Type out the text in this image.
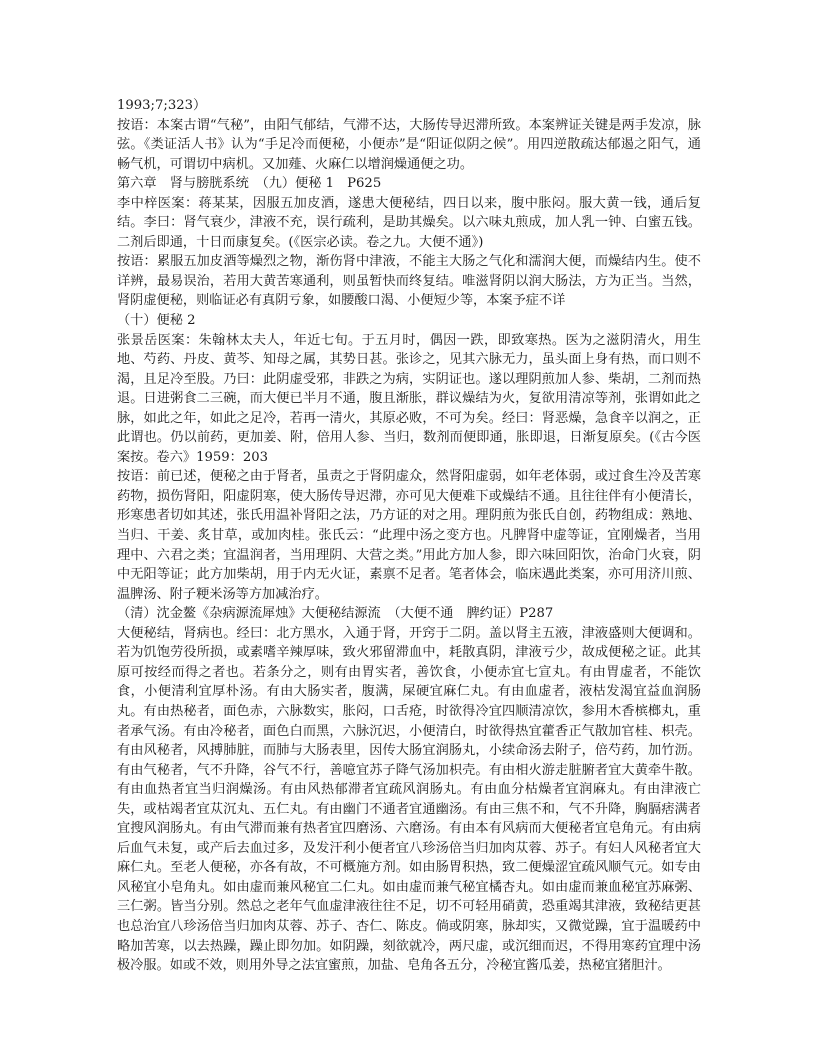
1993;7;323）

按语：本案古谓“气秘”，由阳气郁结，气滞不达，大肠传导迟滞所致。本案辨证关键是两手发凉，脉弦。《类证活人书》认为“手足冷而便秘，小便赤”是“阳证似阴之候”。用四逆散疏达郁遏之阳气，通畅气机，可谓切中病机。又加薤、火麻仁以增润燥通便之功。

第六章　肾与膀胱系统　（九）便秘 1　P625

李中梓医案：蒋某某，因服五加皮酒，遂患大便秘结，四日以来，腹中胀闷。服大黄一钱，通后复结。李曰：肾气衰少，津液不充，误行疏利，是助其燥矣。以六味丸煎成，加人乳一钟、白蜜五钱。二剂后即通，十日而康复矣。(《医宗必读。卷之九。大便不通》)

按语：累服五加皮酒等燥烈之物，渐伤肾中津液，不能主大肠之气化和濡润大便，而燥结内生。使不详辨，最易误治，若用大黄苦寒通利，则虽暂快而终复结。唯滋肾阴以润大肠法，方为正当。当然，肾阴虚便秘，则临证必有真阴亏象，如腰酸口渴、小便短少等，本案予症不详

（十）便秘 2

张景岳医案：朱翰林太夫人，年近七旬。于五月时，偶因一跌，即致寒热。医为之滋阴清火，用生地、芍药、丹皮、黄芩、知母之属，其势日甚。张诊之，见其六脉无力，虽头面上身有热，而口则不渴，且足冷至股。乃曰：此阴虚受邪，非跌之为病，实阴证也。遂以理阴煎加人参、柴胡，二剂而热退。日进粥食二三碗，而大便已半月不通，腹且渐胀，群议燥结为火，复欲用清凉等剂，张谓如此之脉，如此之年，如此之足冷，若再一清火，其原必败，不可为矣。经曰：肾恶燥，急食辛以润之，正此谓也。仍以前药，更加姜、附，倍用人参、当归，数剂而便即通，胀即退，日渐复原矣。(《古今医案按。卷六》1959：203

按语：前已述，便秘之由于肾者，虽责之于肾阴虚众，然肾阳虚弱，如年老体弱，或过食生冷及苦寒药物，损伤肾阳，阳虚阴寒，使大肠传导迟滞，亦可见大便难下或燥结不通。且往往伴有小便清长，形寒患者切如其述，张氏用温补肾阳之法，乃方证的对之用。理阴煎为张氏自创，药物组成：熟地、当归、干姜、炙甘草，或加肉桂。张氏云：“此理中汤之变方也。凡脾肾中虚等证，宜刚燥者，当用理中、六君之类；宜温润者，当用理阴、大营之类。”用此方加人参，即六味回阳饮，治命门火衰，阴中无阳等证；此方加柴胡，用于内无火证，素禀不足者。笔者体会，临床遇此类案，亦可用济川煎、温脾汤、附子粳米汤等方加减治疗。

（清）沈金鳌《杂病源流犀烛》大便秘结源流　（大便不通　脾约证）P287

大便秘结，肾病也。经曰：北方黑水，入通于肾，开窍于二阴。盖以肾主五液，津液盛则大便调和。若为饥饱劳役所损，或素嗜辛辣厚味，致火邪留滞血中，耗散真阴，津液亏少，故成便秘之证。此其原可按经而得之者也。若条分之，则有由胃实者，善饮食，小便赤宜七宣丸。有由胃虚者，不能饮食，小便清利宜厚朴汤。有由大肠实者，腹满，屎硬宜麻仁丸。有由血虚者，液枯发渴宜益血润肠丸。有由热秘者，面色赤，六脉数实，胀闷，口舌疮，时欲得冷宜四顺清凉饮，参用木香槟榔丸，重者承气汤。有由冷秘者，面色白而黑，六脉沉迟，小便清白，时欲得热宜藿香正气散加官桂、枳壳。有由风秘者，风搏肺脏，而肺与大肠表里，因传大肠宜润肠丸，小续命汤去附子，倍芍药，加竹沥。有由气秘者，气不升降，谷气不行，善噫宜苏子降气汤加枳壳。有由相火游走脏腑者宜大黄牵牛散。有由血热者宜当归润燥汤。有由风热郁滞者宜疏风润肠丸。有由血分枯燥者宜润麻丸。有由津液亡失，或枯竭者宜苁沉丸、五仁丸。有由幽门不通者宜通幽汤。有由三焦不和，气不升降，胸膈痞满者宜搜风润肠丸。有由气滞而兼有热者宜四磨汤、六磨汤。有由本有风病而大便秘者宜皂角元。有由病后血气未复，或产后去血过多，及发汗利小便者宜八珍汤倍当归加肉苁蓉、苏子。有妇人风秘者宜大麻仁丸。至老人便秘，亦各有故，不可概施方剂。如由肠胃积热，致二便燥涩宜疏风顺气元。如专由风秘宜小皂角丸。如由虚而兼风秘宜二仁丸。如由虚而兼气秘宜橘杏丸。如由虚而兼血秘宜苏麻粥、三仁粥。皆当分别。然总之老年气血虚津液往往不足，切不可轻用硝黄，恐重竭其津液，致秘结更甚也总治宜八珍汤倍当归加肉苁蓉、苏子、杏仁、陈皮。倘或阴寒，脉却实，又微觉躁，宜于温暖药中略加苦寒，以去热躁，躁止即勿加。如阴躁，刻欲就冷，两尺虚，或沉细而迟，不得用寒药宜理中汤极冷服。如或不效，则用外导之法宜蜜煎，加盐、皂角各五分，冷秘宜酱瓜姜，热秘宜猪胆汁。
